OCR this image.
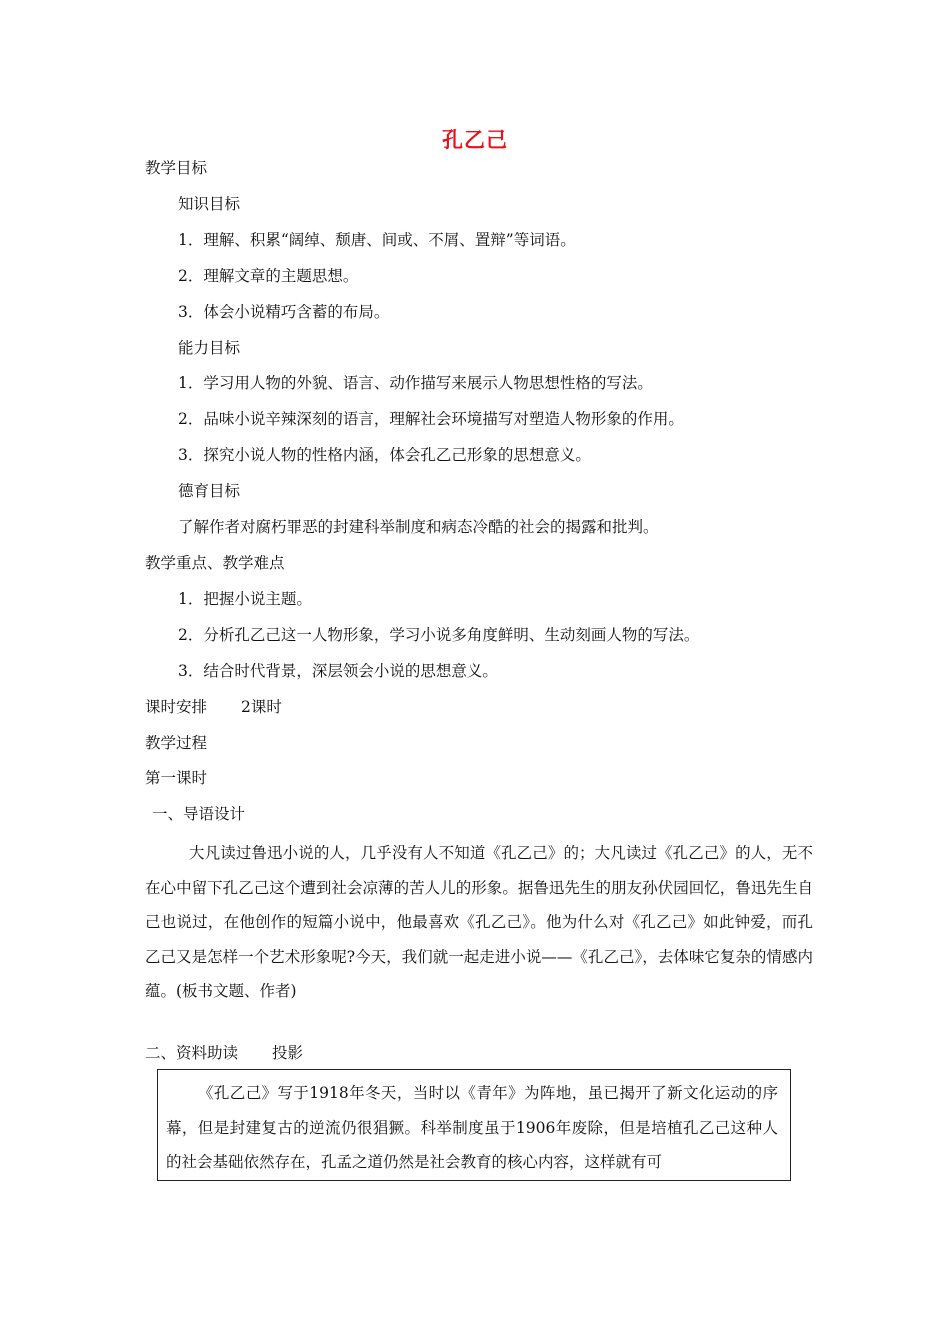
孔乙己
教学目标
知识目标
1．理解、积累“阔绰、颓唐、间或、不屑、置辩”等词语。
2．理解文章的主题思想。
3．体会小说精巧含蓄的布局。
能力目标
1．学习用人物的外貌、语言、动作描写来展示人物思想性格的写法。
2．品味小说辛辣深刻的语言，理解社会环境描写对塑造人物形象的作用。
3．探究小说人物的性格内涵，体会孔乙己形象的思想意义。
德育目标
了解作者对腐朽罪恶的封建科举制度和病态冷酷的社会的揭露和批判。
教学重点、教学难点
1．把握小说主题。
2．分析孔乙己这一人物形象，学习小说多角度鲜明、生动刻画人物的写法。
3．结合时代背景，深层领会小说的思想意义。
课时安排 2课时
教学过程
第一课时
一、导语设计
大凡读过鲁迅小说的人，几乎没有人不知道《孔乙己》的；大凡读过《孔乙己》的人，无不在心中留下孔乙己这个遭到社会凉薄的苦人儿的形象。据鲁迅先生的朋友孙伏园回忆，鲁迅先生自己也说过，在他创作的短篇小说中，他最喜欢《孔乙己》。他为什么对《孔乙己》如此钟爱，而孔乙己又是怎样一个艺术形象呢?今天，我们就一起走进小说——《孔乙己》，去体味它复杂的情感内蕴。(板书文题、作者)
二、资料助读 投影
《孔乙己》写于1918年冬天，当时以《青年》为阵地，虽已揭开了新文化运动的序幕，但是封建复古的逆流仍很猖獗。科举制度虽于1906年废除，但是培植孔乙己这种人的社会基础依然存在，孔孟之道仍然是社会教育的核心内容，这样就有可
